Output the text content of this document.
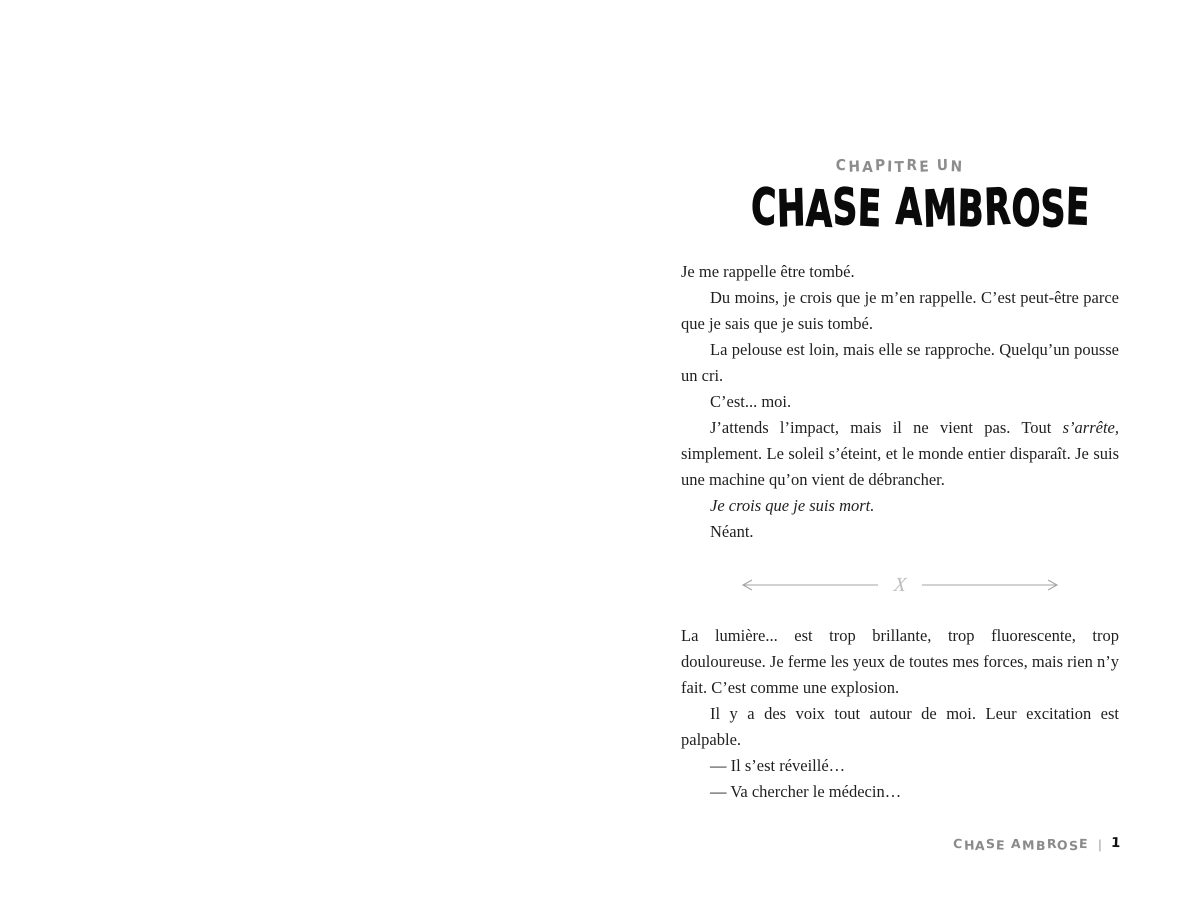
CHAPITRE UN
CHASE AMBROSE

Je me rappelle être tombé.

Du moins, je crois que je m’en rappelle. C’est peut-être parce que je sais que je suis tombé.

La pelouse est loin, mais elle se rapproche. Quelqu’un pousse un cri.

C’est... moi.

J’attends l’impact, mais il ne vient pas. Tout s’arrête, simplement. Le soleil s’éteint, et le monde entier disparaît. Je suis une machine qu’on vient de débrancher.

Je crois que je suis mort.

Néant.

X

La lumière... est trop brillante, trop fluorescente, trop douloureuse. Je ferme les yeux de toutes mes forces, mais rien n’y fait. C’est comme une explosion.

Il y a des voix tout autour de moi. Leur excitation est palpable.

— Il s’est réveillé…

— Va chercher le médecin…

CHASE AMBROSE | 1
